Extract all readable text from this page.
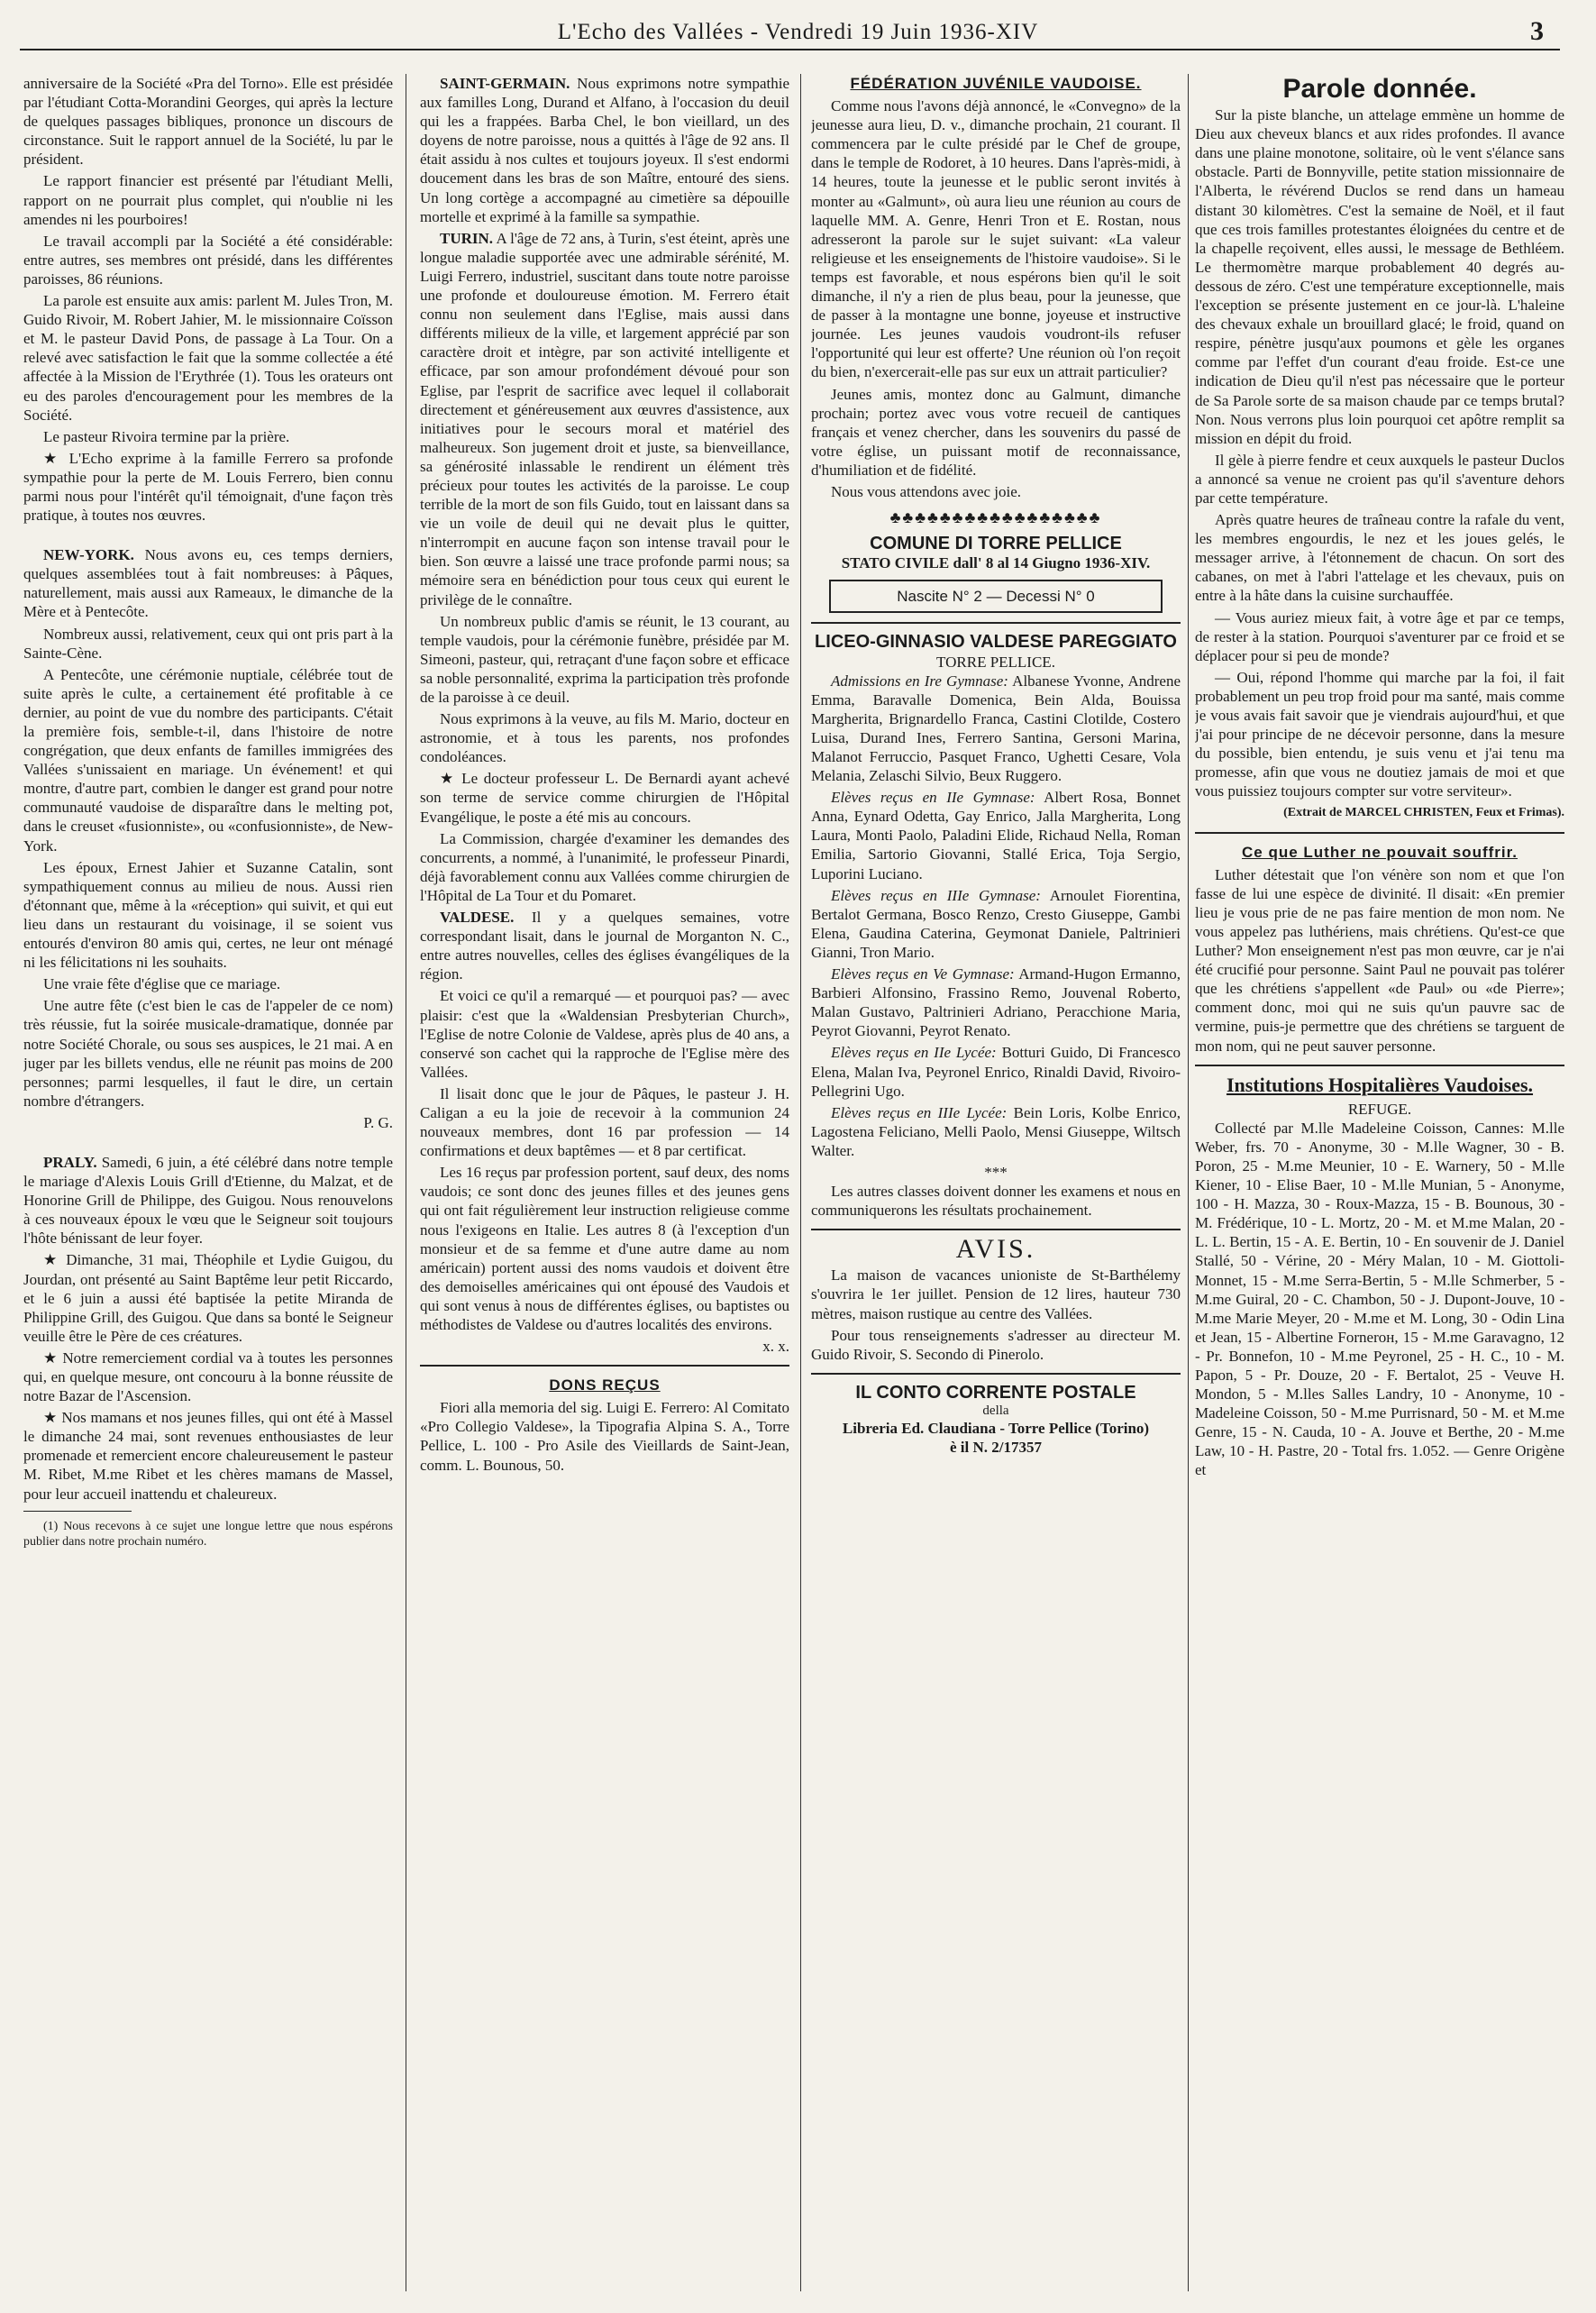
L'Echo des Vallées - Vendredi 19 Juin 1936-XIV	3

anniversaire de la Société «Pra del Torno». Elle est présidée par l'étudiant Cotta-Morandini Georges, qui après la lecture de quelques passages bibliques, prononce un discours de circonstance. Suit le rapport annuel de la Société, lu par le président.

Le rapport financier est présenté par l'étudiant Melli, rapport on ne pourrait plus complet, qui n'oublie ni les amendes ni les pourboires!

Le travail accompli par la Société a été considérable: entre autres, ses membres ont présidé, dans les différentes paroisses, 86 réunions.

La parole est ensuite aux amis: parlent M. Jules Tron, M. Guido Rivoir, M. Robert Jahier, M. le missionnaire Coïsson et M. le pasteur David Pons, de passage à La Tour. On a relevé avec satisfaction le fait que la somme collectée a été affectée à la Mission de l'Erythrée (1). Tous les orateurs ont eu des paroles d'encouragement pour les membres de la Société.

Le pasteur Rivoira termine par la prière.

★ L'Echo exprime à la famille Ferrero sa profonde sympathie pour la perte de M. Louis Ferrero, bien connu parmi nous pour l'intérêt qu'il témoignait, d'une façon très pratique, à toutes nos œuvres.

NEW-YORK. Nous avons eu, ces temps derniers, quelques assemblées tout à fait nombreuses: à Pâques, naturellement, mais aussi aux Rameaux, le dimanche de la Mère et à Pentecôte.

Nombreux aussi, relativement, ceux qui ont pris part à la Sainte-Cène.

A Pentecôte, une cérémonie nuptiale, célébrée tout de suite après le culte, a certainement été profitable à ce dernier, au point de vue du nombre des participants. C'était la première fois, semble-t-il, dans l'histoire de notre congrégation, que deux enfants de familles immigrées des Vallées s'unissaient en mariage. Un événement! et qui montre, d'autre part, combien le danger est grand pour notre communauté vaudoise de disparaître dans le melting pot, dans le creuset «fusionniste», ou «confusionniste», de New-York.

Les époux, Ernest Jahier et Suzanne Catalin, sont sympathiquement connus au milieu de nous. Aussi rien d'étonnant que, même à la «réception» qui suivit, et qui eut lieu dans un restaurant du voisinage, il se soient vus entourés d'environ 80 amis qui, certes, ne leur ont ménagé ni les félicitations ni les souhaits.

Une vraie fête d'église que ce mariage.

Une autre fête (c'est bien le cas de l'appeler de ce nom) très réussie, fut la soirée musicale-dramatique, donnée par notre Société Chorale, ou sous ses auspices, le 21 mai. A en juger par les billets vendus, elle ne réunit pas moins de 200 personnes; parmi lesquelles, il faut le dire, un certain nombre d'étrangers.

P. G.

PRALY. Samedi, 6 juin, a été célébré dans notre temple le mariage d'Alexis Louis Grill d'Etienne, du Malzat, et de Honorine Grill de Philippe, des Guigou. Nous renouvelons à ces nouveaux époux le vœu que le Seigneur soit toujours l'hôte bénissant de leur foyer.

★ Dimanche, 31 mai, Théophile et Lydie Guigou, du Jourdan, ont présenté au Saint Baptême leur petit Riccardo, et le 6 juin a aussi été baptisée la petite Miranda de Philippine Grill, des Guigou. Que dans sa bonté le Seigneur veuille être le Père de ces créatures.

★ Notre remerciement cordial va à toutes les personnes qui, en quelque mesure, ont concouru à la bonne réussite de notre Bazar de l'Ascension.

★ Nos mamans et nos jeunes filles, qui ont été à Massel le dimanche 24 mai, sont revenues enthousiastes de leur promenade et remercient encore chaleureusement le pasteur M. Ribet, M.me Ribet et les chères mamans de Massel, pour leur accueil inattendu et chaleureux.

(1) Nous recevons à ce sujet une longue lettre que nous espérons publier dans notre prochain numéro.

SAINT-GERMAIN. Nous exprimons notre sympathie aux familles Long, Durand et Alfano, à l'occasion du deuil qui les a frappées. Barba Chel, le bon vieillard, un des doyens de notre paroisse, nous a quittés à l'âge de 92 ans. Il était assidu à nos cultes et toujours joyeux. Il s'est endormi doucement dans les bras de son Maître, entouré des siens. Un long cortège a accompagné au cimetière sa dépouille mortelle et exprimé à la famille sa sympathie.

TURIN. A l'âge de 72 ans, à Turin, s'est éteint, après une longue maladie supportée avec une admirable sérénité, M. Luigi Ferrero, industriel, suscitant dans toute notre paroisse une profonde et douloureuse émotion. M. Ferrero était connu non seulement dans l'Eglise, mais aussi dans différents milieux de la ville, et largement apprécié par son caractère droit et intègre, par son activité intelligente et efficace, par son amour profondément dévoué pour son Eglise, par l'esprit de sacrifice avec lequel il collaborait directement et généreusement aux œuvres d'assistence, aux initiatives pour le secours moral et matériel des malheureux. Son jugement droit et juste, sa bienveillance, sa générosité inlassable le rendirent un élément très précieux pour toutes les activités de la paroisse. Le coup terrible de la mort de son fils Guido, tout en laissant dans sa vie un voile de deuil qui ne devait plus le quitter, n'interrompit en aucune façon son intense travail pour le bien. Son œuvre a laissé une trace profonde parmi nous; sa mémoire sera en bénédiction pour tous ceux qui eurent le privilège de le connaître.

Un nombreux public d'amis se réunit, le 13 courant, au temple vaudois, pour la cérémonie funèbre, présidée par M. Simeoni, pasteur, qui, retraçant d'une façon sobre et efficace sa noble personnalité, exprima la participation très profonde de la paroisse à ce deuil.

Nous exprimons à la veuve, au fils M. Mario, docteur en astronomie, et à tous les parents, nos profondes condoléances.

★ Le docteur professeur L. De Bernardi ayant achevé son terme de service comme chirurgien de l'Hôpital Evangélique, le poste a été mis au concours.

La Commission, chargée d'examiner les demandes des concurrents, a nommé, à l'unanimité, le professeur Pinardi, déjà favorablement connu aux Vallées comme chirurgien de l'Hôpital de La Tour et du Pomaret.

VALDESE. Il y a quelques semaines, votre correspondant lisait, dans le journal de Morganton N. C., entre autres nouvelles, celles des églises évangéliques de la région.

Et voici ce qu'il a remarqué — et pourquoi pas? — avec plaisir: c'est que la «Waldensian Presbyterian Church», l'Eglise de notre Colonie de Valdese, après plus de 40 ans, a conservé son cachet qui la rapproche de l'Eglise mère des Vallées.

Il lisait donc que le jour de Pâques, le pasteur J. H. Caligan a eu la joie de recevoir à la communion 24 nouveaux membres, dont 16 par profession — 14 confirmations et deux baptêmes — et 8 par certificat.

Les 16 reçus par profession portent, sauf deux, des noms vaudois; ce sont donc des jeunes filles et des jeunes gens qui ont fait régulièrement leur instruction religieuse comme nous l'exigeons en Italie. Les autres 8 (à l'exception d'un monsieur et de sa femme et d'une autre dame au nom américain) portent aussi des noms vaudois et doivent être des demoiselles américaines qui ont épousé des Vaudois et qui sont venus à nous de différentes églises, ou baptistes ou méthodistes de Valdese ou d'autres localités des environs.

x. x.

DONS REÇUS

Fiori alla memoria del sig. Luigi E. Ferrero: Al Comitato «Pro Collegio Valdese», la Tipografia Alpina S. A., Torre Pellice, L. 100 - Pro Asile des Vieillards de Saint-Jean, comm. L. Bounous, 50.

FÉDÉRATION JUVÉNILE VAUDOISE.

Comme nous l'avons déjà annoncé, le «Convegno» de la jeunesse aura lieu, D. v., dimanche prochain, 21 courant. Il commencera par le culte présidé par le Chef de groupe, dans le temple de Rodoret, à 10 heures. Dans l'après-midi, à 14 heures, toute la jeunesse et le public seront invités à monter au «Galmunt», où aura lieu une réunion au cours de laquelle MM. A. Genre, Henri Tron et E. Rostan, nous adresseront la parole sur le sujet suivant: «La valeur religieuse et les enseignements de l'histoire vaudoise». Si le temps est favorable, et nous espérons bien qu'il le soit dimanche, il n'y a rien de plus beau, pour la jeunesse, que de passer à la montagne une bonne, joyeuse et instructive journée. Les jeunes vaudois voudront-ils refuser l'opportunité qui leur est offerte? Une réunion où l'on reçoit du bien, n'exercerait-elle pas sur eux un attrait particulier?

Jeunes amis, montez donc au Galmunt, dimanche prochain; portez avec vous votre recueil de cantiques français et venez chercher, dans les souvenirs du passé de votre église, un puissant motif de reconnaissance, d'humiliation et de fidélité.

Nous vous attendons avec joie.

♣♣♣♣♣♣♣♣♣♣♣♣♣♣♣♣♣
COMUNE DI TORRE PELLICE
STATO CIVILE dall' 8 al 14 Giugno 1936-XIV.
Nascite N° 2 — Decessi N° 0
LICEO-GINNASIO VALDESE PAREGGIATO
TORRE PELLICE.

Admissions en Ire Gymnase: Albanese Yvonne, Andrene Emma, Baravalle Domenica, Bein Alda, Bouissa Margherita, Brignardello Franca, Castini Clotilde, Costero Luisa, Durand Ines, Ferrero Santina, Gersoni Marina, Malanot Ferruccio, Pasquet Franco, Ughetti Cesare, Vola Melania, Zelaschi Silvio, Beux Ruggero.

Elèves reçus en IIe Gymnase: Albert Rosa, Bonnet Anna, Eynard Odetta, Gay Enrico, Jalla Margherita, Long Laura, Monti Paolo, Paladini Elide, Richaud Nella, Roman Emilia, Sartorio Giovanni, Stallé Erica, Toja Sergio, Luporini Luciano.

Elèves reçus en IIIe Gymnase: Arnoulet Fiorentina, Bertalot Germana, Bosco Renzo, Cresto Giuseppe, Gambi Elena, Gaudina Caterina, Geymonat Daniele, Paltrinieri Gianni, Tron Mario.

Elèves reçus en Ve Gymnase: Armand-Hugon Ermanno, Barbieri Alfonsino, Frassino Remo, Jouvenal Roberto, Malan Gustavo, Paltrinieri Adriano, Peracchione Maria, Peyrot Giovanni, Peyrot Renato.

Elèves reçus en IIe Lycée: Botturi Guido, Di Francesco Elena, Malan Iva, Peyronel Enrico, Rinaldi David, Rivoiro-Pellegrini Ugo.

Elèves reçus en IIIe Lycée: Bein Loris, Kolbe Enrico, Lagostena Feliciano, Melli Paolo, Mensi Giuseppe, Wiltsch Walter.

***

Les autres classes doivent donner les examens et nous en communiquerons les résultats prochainement.

AVIS.

La maison de vacances unioniste de St-Barthélemy s'ouvrira le 1er juillet. Pension de 12 lires, hauteur 730 mètres, maison rustique au centre des Vallées.

Pour tous renseignements s'adresser au directeur M. Guido Rivoir, S. Secondo di Pinerolo.

IL CONTO CORRENTE POSTALE
della
Libreria Ed. Claudiana - Torre Pellice (Torino)
è il N. 2/17357
Parole donnée.

Sur la piste blanche, un attelage emmène un homme de Dieu aux cheveux blancs et aux rides profondes. Il avance dans une plaine monotone, solitaire, où le vent s'élance sans obstacle. Parti de Bonnyville, petite station missionnaire de l'Alberta, le révérend Duclos se rend dans un hameau distant 30 kilomètres. C'est la semaine de Noël, et il faut que ces trois familles protestantes éloignées du centre et de la chapelle reçoivent, elles aussi, le message de Bethléem. Le thermomètre marque probablement 40 degrés au-dessous de zéro. C'est une température exceptionnelle, mais l'exception se présente justement en ce jour-là. L'haleine des chevaux exhale un brouillard glacé; le froid, quand on respire, pénètre jusqu'aux poumons et gèle les organes comme par l'effet d'un courant d'eau froide. Est-ce une indication de Dieu qu'il n'est pas nécessaire que le porteur de Sa Parole sorte de sa maison chaude par ce temps brutal? Non. Nous verrons plus loin pourquoi cet apôtre remplit sa mission en dépit du froid.

Il gèle à pierre fendre et ceux auxquels le pasteur Duclos a annoncé sa venue ne croient pas qu'il s'aventure dehors par cette température.

Après quatre heures de traîneau contre la rafale du vent, les membres engourdis, le nez et les joues gelés, le messager arrive, à l'étonnement de chacun. On sort des cabanes, on met à l'abri l'attelage et les chevaux, puis on entre à la hâte dans la cuisine surchauffée.

— Vous auriez mieux fait, à votre âge et par ce temps, de rester à la station. Pourquoi s'aventurer par ce froid et se déplacer pour si peu de monde?

— Oui, répond l'homme qui marche par la foi, il fait probablement un peu trop froid pour ma santé, mais comme je vous avais fait savoir que je viendrais aujourd'hui, et que j'ai pour principe de ne décevoir personne, dans la mesure du possible, bien entendu, je suis venu et j'ai tenu ma promesse, afin que vous ne doutiez jamais de moi et que vous puissiez toujours compter sur votre serviteur».

(Extrait de MARCEL CHRISTEN, Feux et Frimas).
Ce que Luther ne pouvait souffrir.

Luther détestait que l'on vénère son nom et que l'on fasse de lui une espèce de divinité. Il disait: «En premier lieu je vous prie de ne pas faire mention de mon nom. Ne vous appelez pas luthériens, mais chrétiens. Qu'est-ce que Luther? Mon enseignement n'est pas mon œuvre, car je n'ai été crucifié pour personne. Saint Paul ne pouvait pas tolérer que les chrétiens s'appellent «de Paul» ou «de Pierre»; comment donc, moi qui ne suis qu'un pauvre sac de vermine, puis-je permettre que des chrétiens se targuent de mon nom, qui ne peut sauver personne.

Institutions Hospitalières Vaudoises.
REFUGE.

Collecté par M.lle Madeleine Coisson, Cannes: M.lle Weber, frs. 70 - Anonyme, 30 - M.lle Wagner, 30 - B. Poron, 25 - M.me Meunier, 10 - E. Warnery, 50 - M.lle Kiener, 10 - Elise Baer, 10 - M.lle Munian, 5 - Anonyme, 100 - H. Mazza, 30 - Roux-Mazza, 15 - B. Bounous, 30 - M. Frédérique, 10 - L. Mortz, 20 - M. et M.me Malan, 20 - L. L. Bertin, 15 - A. E. Bertin, 10 - En souvenir de J. Daniel Stallé, 50 - Vérine, 20 - Méry Malan, 10 - M. Giottoli-Monnet, 15 - M.me Serra-Bertin, 5 - M.lle Schmerber, 5 - M.me Guiral, 20 - C. Chambon, 50 - J. Dupont-Jouve, 10 - M.me Marie Meyer, 20 - M.me et M. Long, 30 - Odin Lina et Jean, 15 - Albertine Fornerон, 15 - M.me Garavagno, 12 - Pr. Bonnefon, 10 - M.me Peyronel, 25 - H. C., 10 - M. Papon, 5 - Pr. Douze, 20 - F. Bertalot, 25 - Veuve H. Mondon, 5 - M.lles Salles Landry, 10 - Anonyme, 10 - Madeleine Coisson, 50 - M.me Purrisnard, 50 - M. et M.me Genre, 15 - N. Cauda, 10 - A. Jouve et Berthe, 20 - M.me Law, 10 - H. Pastre, 20 - Total frs. 1.052. — Genre Origène et
